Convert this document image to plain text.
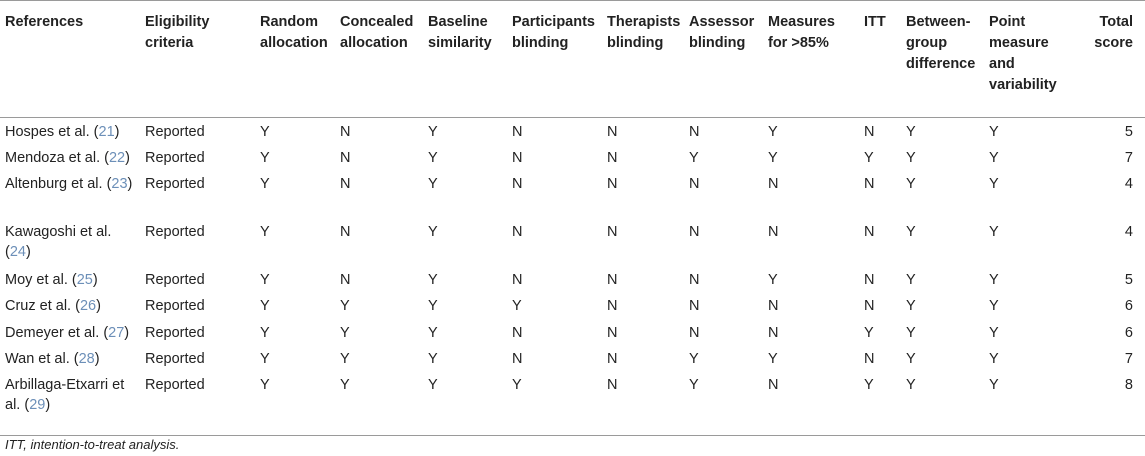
References	Eligibility criteria	Random allocation	Concealed allocation	Baseline similarity	Participants blinding	Therapists blinding	Assessor blinding	Measures for >85%	ITT	Between-group difference	Point measure and variability	Total score
Hospes et al. (21)	Reported	Y	N	Y	N	N	N	Y	N	Y	Y	5
Mendoza et al. (22)	Reported	Y	N	Y	N	N	Y	Y	Y	Y	Y	7
Altenburg et al. (23)	Reported	Y	N	Y	N	N	N	N	N	Y	Y	4
Kawagoshi et al. (24)	Reported	Y	N	Y	N	N	N	N	N	Y	Y	4
Moy et al. (25)	Reported	Y	N	Y	N	N	N	Y	N	Y	Y	5
Cruz et al. (26)	Reported	Y	Y	Y	Y	N	N	N	N	Y	Y	6
Demeyer et al. (27)	Reported	Y	Y	Y	N	N	N	N	Y	Y	Y	6
Wan et al. (28)	Reported	Y	Y	Y	N	N	Y	Y	N	Y	Y	7
Arbillaga-Etxarri et al. (29)	Reported	Y	Y	Y	Y	N	Y	N	Y	Y	Y	8
ITT, intention-to-treat analysis.
